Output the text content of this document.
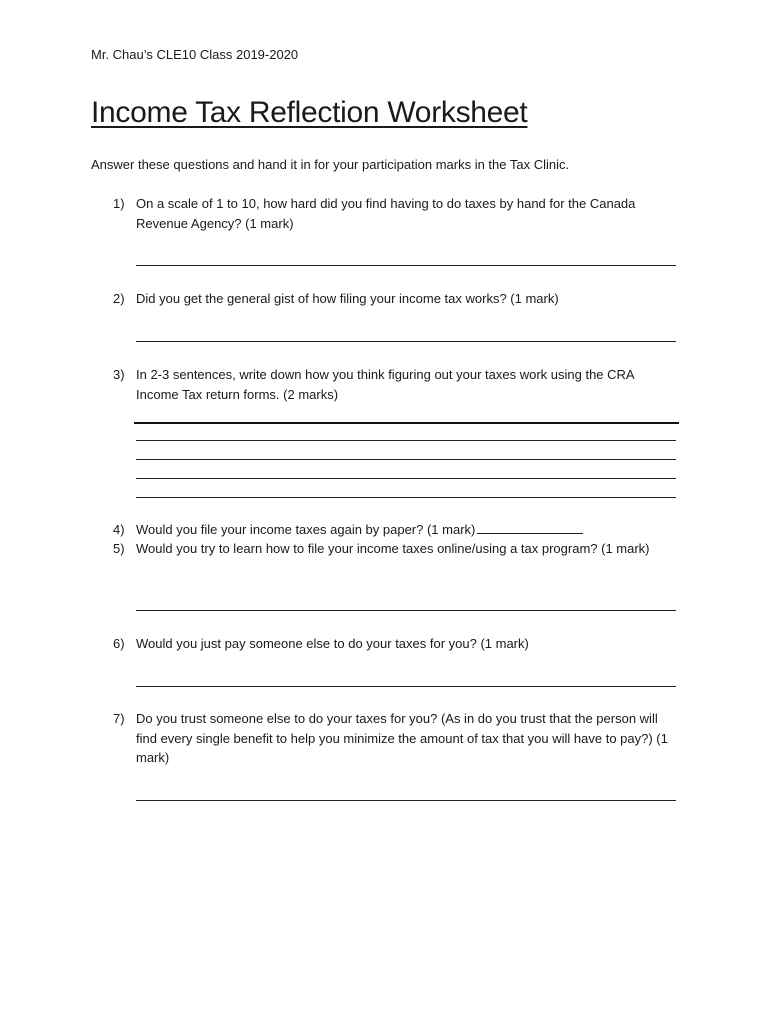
Mr. Chau’s CLE10 Class 2019-2020
Income Tax Reflection Worksheet
Answer these questions and hand it in for your participation marks in the Tax Clinic.
1) On a scale of 1 to 10, how hard did you find having to do taxes by hand for the Canada Revenue Agency? (1 mark)
2) Did you get the general gist of how filing your income tax works? (1 mark)
3) In 2-3 sentences, write down how you think figuring out your taxes work using the CRA Income Tax return forms. (2 marks)
4) Would you file your income taxes again by paper? (1 mark)
5) Would you try to learn how to file your income taxes online/using a tax program? (1 mark)
6) Would you just pay someone else to do your taxes for you? (1 mark)
7) Do you trust someone else to do your taxes for you? (As in do you trust that the person will find every single benefit to help you minimize the amount of tax that you will have to pay?) (1 mark)
